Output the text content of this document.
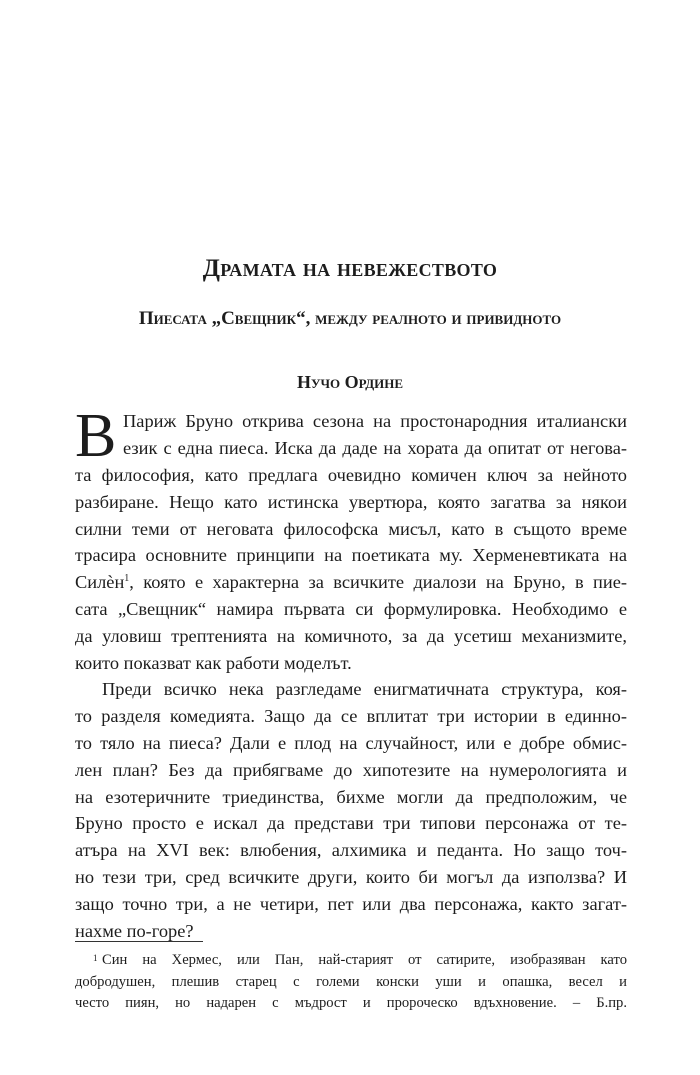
Драмата на невежеството
Пиесата „Свещник“, между реалното и привидното
Нучо Ордине
В Париж Бруно открива сезона на простонародния италиански
език с една пиеса. Иска да даде на хората да опитат от негова-
та философия, като предлага очевидно комичен ключ за нейното
разбиране. Нещо като истинска увертюра, която загатва за някои
силни теми от неговата философска мисъл, като в същото време
трасира основните принципи на поетиката му. Херменевтиката на
Силѐн$^1$, която е характерна за всичките диалози на Бруно, в пие-
сата „Свещник“ намира първата си формулировка. Необходимо е
да уловиш трептенията на комичното, за да усетиш механизмите,
които показват как работи моделът.
Преди всичко нека разгледаме енигматичната структура, коя-
то разделя комедията. Защо да се вплитат три истории в единно-
то тяло на пиеса? Дали е плод на случайност, или е добре обмис-
лен план? Без да прибягваме до хипотезите на нумерологията и
на езотеричните триединства, бихме могли да предположим, че
Бруно просто е искал да представи три типови персонажа от те-
атъра на XVI век: влюбения, алхимика и педанта. Но защо точ-
но тези три, сред всичките други, които би могъл да използва? И
защо точно три, а не четири, пет или два персонажа, както загат-
нахме по-горе?
1 Син на Хермес, или Пан, най-старият от сатирите, изобразяван като
добродушен, плешив старец с големи конски уши и опашка, весел и
често пиян, но надарен с мъдрост и пророческо вдъхновение. – Б.пр.
